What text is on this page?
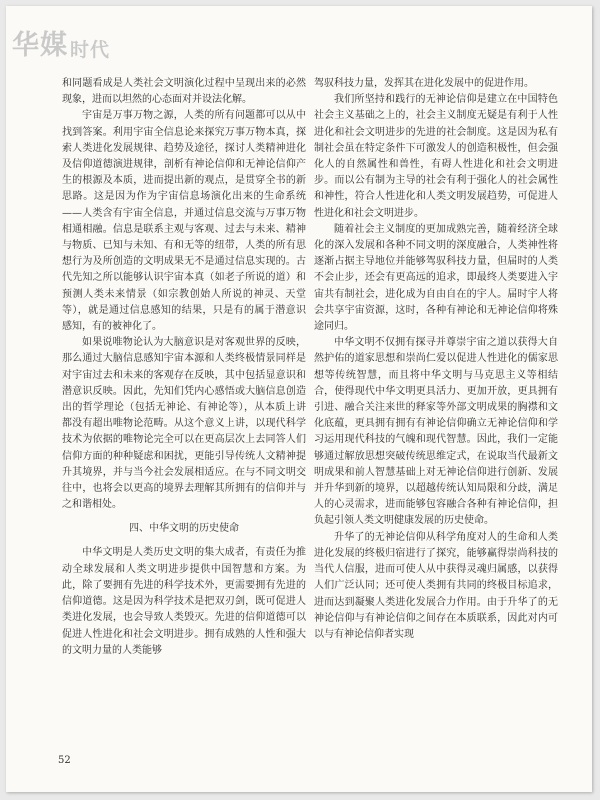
华媒 时代

和同题看成是人类社会文明演化过程中呈现出来的必然现象，进而以坦然的心态面对并设法化解。

宇宙是万事万物之源，人类的所有问题都可以从中找到答案。利用宇宙全信息论来探究万事万物本真，探索人类进化发展规律、趋势及途径，探讨人类精神进化及信仰道德演进规律，剖析有神论信仰和无神论信仰产生的根源及本质，进而提出新的观点，是贯穿全书的新思路。这是因为作为宇宙信息场演化出来的生命系统——人类含有宇宙全信息，并通过信息交流与万事万物相通相融。信息是联系主观与客观、过去与未来、精神与物质、已知与未知、有和无等的纽带，人类的所有思想行为及所创造的文明成果无不是通过信息实现的。古代先知之所以能够认识宇宙本真（如老子所说的道）和预测人类未来情景（如宗教创始人所说的神灵、天堂等），就是通过信息感知的结果，只是有的属于潜意识感知，有的被神化了。

如果说唯物论认为大脑意识是对客观世界的反映，那么通过大脑信息感知宇宙本源和人类终极情景同样是对宇宙过去和未来的客观存在反映，其中包括显意识和潜意识反映。因此，先知们凭内心感悟或大脑信息创造出的哲学理论（包括无神论、有神论等），从本质上讲都没有超出唯物论范畴。从这个意义上讲，以现代科学技术为依据的唯物论完全可以在更高层次上去同答人们信仰方面的种种疑虑和困扰，更能引导传统人文精神提升其境界，并与当今社会发展相适应。在与不同文明交往中，也将会以更高的境界去理解其所拥有的信仰并与之和谐相处。

四、中华文明的历史使命

中华文明是人类历史文明的集大成者，有责任为推动全球发展和人类文明进步提供中国智慧和方案。为此，除了要拥有先进的科学技术外，更需要拥有先进的信仰道德。这是因为科学技术是把双刃剑，既可促进人类进化发展，也会导致人类毁灭。先进的信仰道德可以促进人性进化和社会文明进步。拥有成熟的人性和强大的文明力量的人类能够

驾驭科技力量，发挥其在进化发展中的促进作用。

我们所坚持和践行的无神论信仰是建立在中国特色社会主义基础之上的，社会主义制度无疑是有利于人性进化和社会文明进步的先进的社会制度。这是因为私有制社会虽在特定条件下可激发人的创造积极性，但会强化人的自然属性和兽性，有碍人性进化和社会文明进步。而以公有制为主导的社会有利于强化人的社会属性和神性，符合人性进化和人类文明发展趋势，可促进人性进化和社会文明进步。

随着社会主义制度的更加成熟完善，随着经济全球化的深入发展和各种不同文明的深度融合，人类神性将逐渐占据主导地位并能够驾驭科技力量，但届时的人类不会止步，还会有更高远的追求，即最终人类要进入宇宙共有制社会，进化成为自由自在的宇人。届时宇人将会共享宇宙资源，这时，各种有神论和无神论信仰将殊途同归。

中华文明不仅拥有探寻并尊崇宇宙之道以获得大自然护佑的道家思想和崇尚仁爱以促进人性进化的儒家思想等传统智慧，而且将中华文明与马克思主义等相结合，使得现代中华文明更具活力、更加开放，更具拥有引进、融合关注来世的释家等外部文明成果的胸襟和文化底蕴，更具拥有拥有有神论信仰确立无神论信仰和学习运用现代科技的气魄和现代智慧。因此，我们一定能够通过解放思想突破传统思维定式，在说取当代最新文明成果和前人智慧基础上对无神论信仰进行创新、发展并升华到新的境界，以超越传统认知局限和分歧，满足人的心灵需求，进而能够包容融合各种有神论信仰，担负起引领人类文明健康发展的历史使命。

升华了的无神论信仰从科学角度对人的生命和人类进化发展的终极归宿进行了探究，能够赢得崇尚科技的当代人信服，进而可使人从中获得灵魂归属感，以获得人们广泛认同；还可使人类拥有共同的终极目标追求，进而达到凝聚人类进化发展合力作用。由于升华了的无神论信仰与有神论信仰之间存在本质联系，因此对内可以与有神论信仰者实现

52
